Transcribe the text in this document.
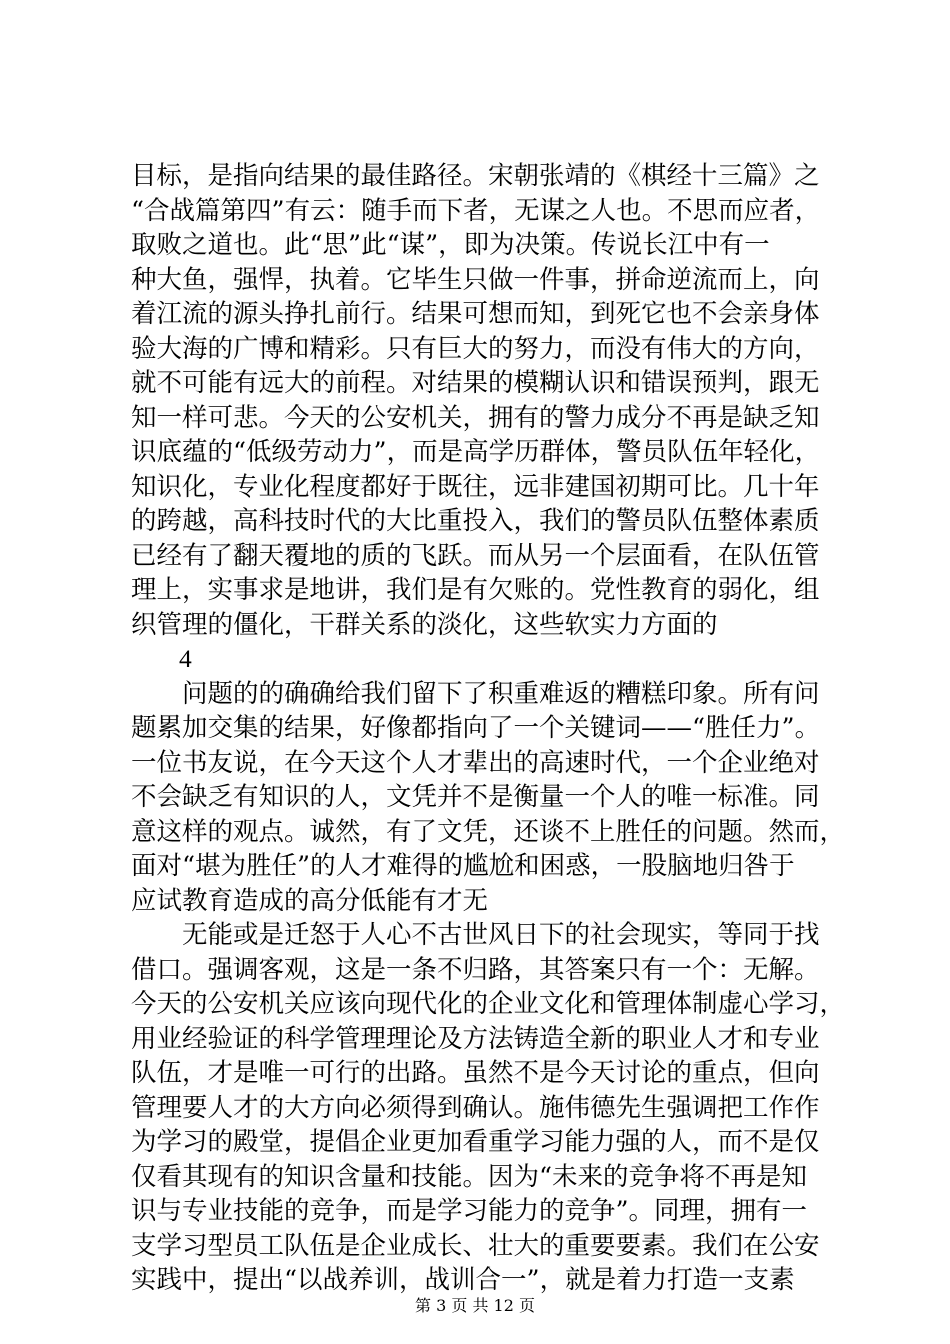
目标，是指向结果的最佳路径。宋朝张靖的《棋经十三篇》之
“合战篇第四”有云：随手而下者，无谋之人也。不思而应者，
取败之道也。此“思”此“谋”，即为决策。传说长江中有一
种大鱼，强悍，执着。它毕生只做一件事，拼命逆流而上，向
着江流的源头挣扎前行。结果可想而知，到死它也不会亲身体
验大海的广博和精彩。只有巨大的努力，而没有伟大的方向，
就不可能有远大的前程。对结果的模糊认识和错误预判，跟无
知一样可悲。今天的公安机关，拥有的警力成分不再是缺乏知
识底蕴的“低级劳动力”，而是高学历群体，警员队伍年轻化，
知识化，专业化程度都好于既往，远非建国初期可比。几十年
的跨越，高科技时代的大比重投入，我们的警员队伍整体素质
已经有了翻天覆地的质的飞跃。而从另一个层面看，在队伍管
理上，实事求是地讲，我们是有欠账的。党性教育的弱化，组
织管理的僵化，干群关系的淡化，这些软实力方面的
4
问题的的确确给我们留下了积重难返的糟糕印象。所有问
题累加交集的结果，好像都指向了一个关键词——“胜任力”。
一位书友说，在今天这个人才辈出的高速时代，一个企业绝对
不会缺乏有知识的人，文凭并不是衡量一个人的唯一标准。同
意这样的观点。诚然，有了文凭，还谈不上胜任的问题。然而，
面对“堪为胜任”的人才难得的尴尬和困惑，一股脑地归咎于
应试教育造成的高分低能有才无
无能或是迁怒于人心不古世风日下的社会现实，等同于找
借口。强调客观，这是一条不归路，其答案只有一个：无解。
今天的公安机关应该向现代化的企业文化和管理体制虚心学习，
用业经验证的科学管理理论及方法铸造全新的职业人才和专业
队伍，才是唯一可行的出路。虽然不是今天讨论的重点，但向
管理要人才的大方向必须得到确认。施伟德先生强调把工作作
为学习的殿堂，提倡企业更加看重学习能力强的人，而不是仅
仅看其现有的知识含量和技能。因为“未来的竞争将不再是知
识与专业技能的竞争，而是学习能力的竞争”。同理，拥有一
支学习型员工队伍是企业成长、壮大的重要要素。我们在公安
实践中，提出“以战养训，战训合一”，就是着力打造一支素
第 3 页 共 12 页
